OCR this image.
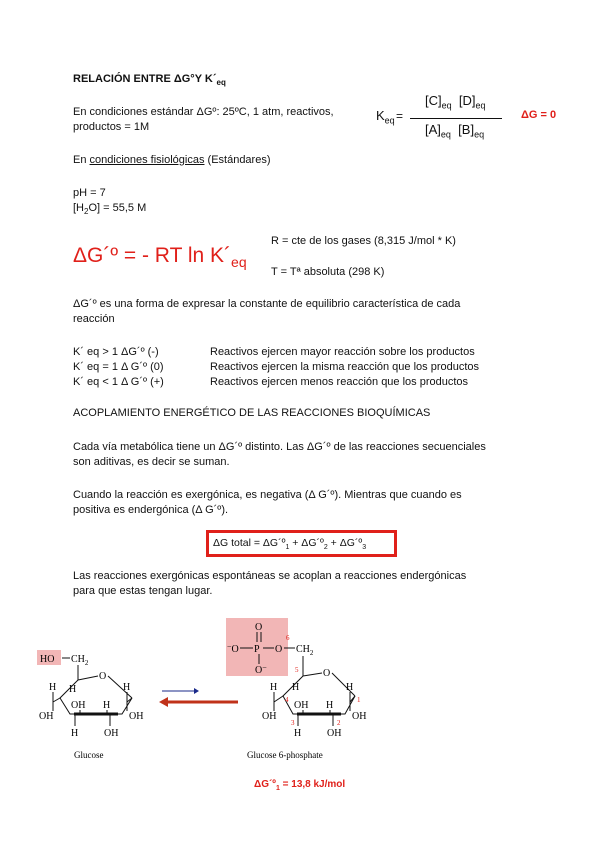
RELACIÓN ENTRE ΔG°Y $K´_{eq}$
En condiciones estándar ΔGº: 25ºC, 1 atm, reactivos,
productos = 1M
$K_{eq}$ =
$[C]_{eq}$ $[D]_{eq}$
$[A]_{eq}$ $[B]_{eq}$
ΔG = 0
En condiciones fisiológicas (Estándares)
pH = 7
$[H_2O] = 55,5$ M
ΔG´º = - RT $\ln K´_{eq}$
R = cte de los gases (8,315 J/mol * K)
T = Tª absoluta (298 K)
ΔG´º es una forma de expresar la constante de equilibrio característica de cada
reacción
K´ eq > 1 ΔG´º (-)	Reactivos ejercen mayor reacción sobre los productos
K´ eq = 1 Δ G´º (0)	Reactivos ejercen la misma reacción que los productos
K´ eq < 1 Δ G´º (+)	Reactivos ejercen menos reacción que los productos
ACOPLAMIENTO ENERGÉTICO DE LAS REACCIONES BIOQUÍMICAS
Cada vía metabólica tiene un ΔG´º distinto. Las ΔG´º de las reacciones secuenciales
son aditivas, es decir se suman.
Cuando la reacción es exergónica, es negativa (Δ G´º). Mientras que cuando es
positiva es endergónica (Δ G´º).
ΔG total = ΔG´º$_1$ + ΔG´º$_2$ + ΔG´º$_3$
Las reacciones exergónicas espontáneas se acoplan a reacciones endergónicas
para que estas tengan lugar.
HO $CH_2$
O
H
OH
H
OH
H
OH H
H	OH
Glucose
O
−O P O
O−
$CH_2$
6
5 O
H
4
OH
H
1
OH
H
OH H
3	2
H	OH
Glucose 6-phosphate
ΔG´º$_1$ = 13,8 kJ/mol
